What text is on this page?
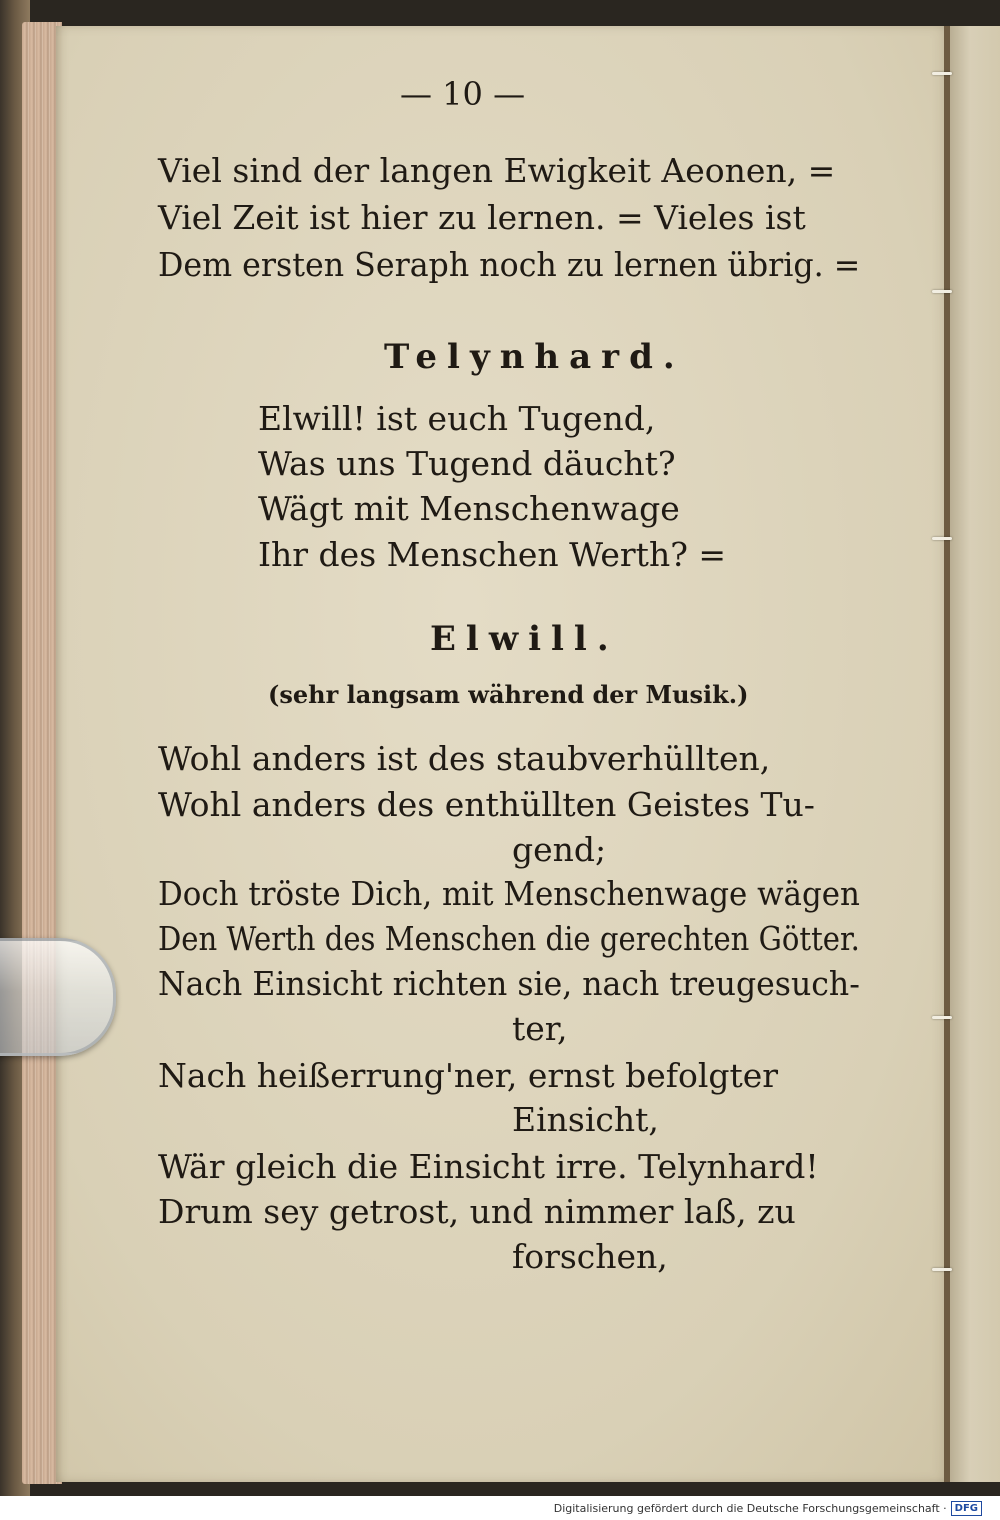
— 10 —
Viel sind der langen Ewigkeit Aeonen, =
Viel Zeit ist hier zu lernen. = Vieles ist
Dem ersten Seraph noch zu lernen übrig. =
Telynhard.
Elwill! ist euch Tugend,
Was uns Tugend däucht?
Wägt mit Menschenwage
Ihr des Menschen Werth? =
Elwill.
(sehr langsam während der Musik.)
Wohl anders ist des staubverhüllten,
Wohl anders des enthüllten Geistes Tu-
gend;
Doch tröste Dich, mit Menschenwage wägen
Den Werth des Menschen die gerechten Götter.
Nach Einsicht richten sie, nach treugesuch-
ter,
Nach heißerrung'ner, ernst befolgter
Einsicht,
Wär gleich die Einsicht irre. Telynhard!
Drum sey getrost, und nimmer laß, zu
forschen,
Digitalisierung gefördert durch die Deutsche Forschungsgemeinschaft · DFG
